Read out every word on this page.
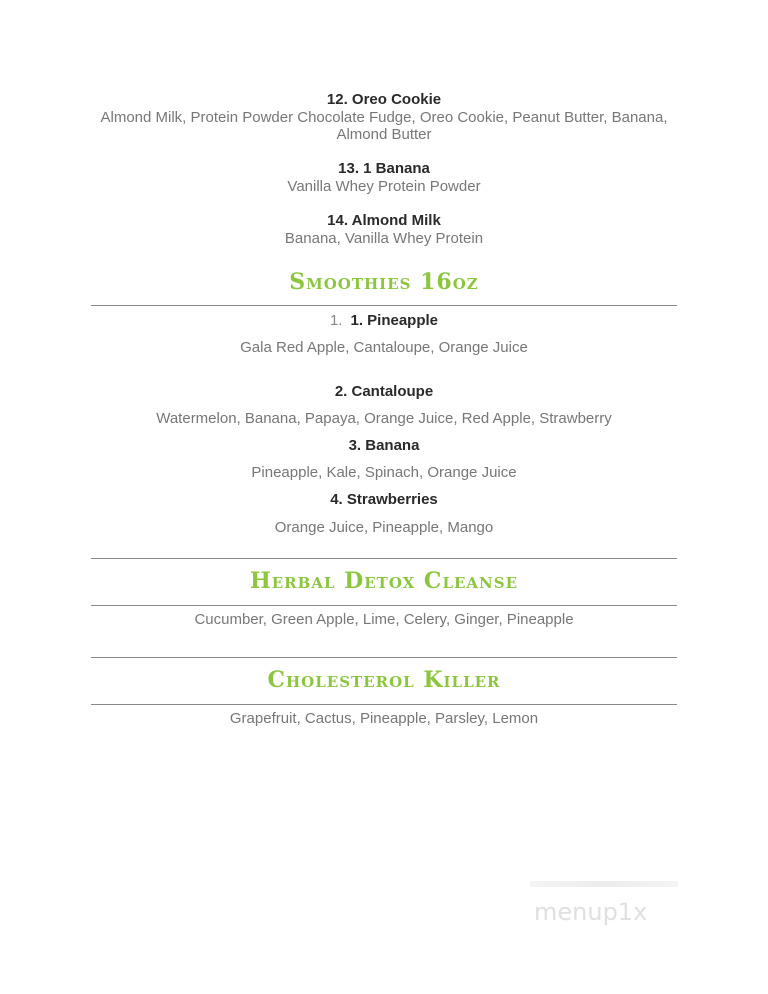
12. Oreo Cookie
Almond Milk, Protein Powder Chocolate Fudge, Oreo Cookie, Peanut Butter, Banana,
Almond Butter
13. 1 Banana
Vanilla Whey Protein Powder
14. Almond Milk
Banana, Vanilla Whey Protein
Smoothies 16oz
1. 1. Pineapple
Gala Red Apple, Cantaloupe, Orange Juice
2. Cantaloupe
Watermelon, Banana, Papaya, Orange Juice, Red Apple, Strawberry
3. Banana
Pineapple, Kale, Spinach, Orange Juice
4. Strawberries
Orange Juice, Pineapple, Mango
Herbal Detox Cleanse
Cucumber, Green Apple, Lime, Celery, Ginger, Pineapple
Cholesterol Killer
Grapefruit, Cactus, Pineapple, Parsley, Lemon
menup1x
